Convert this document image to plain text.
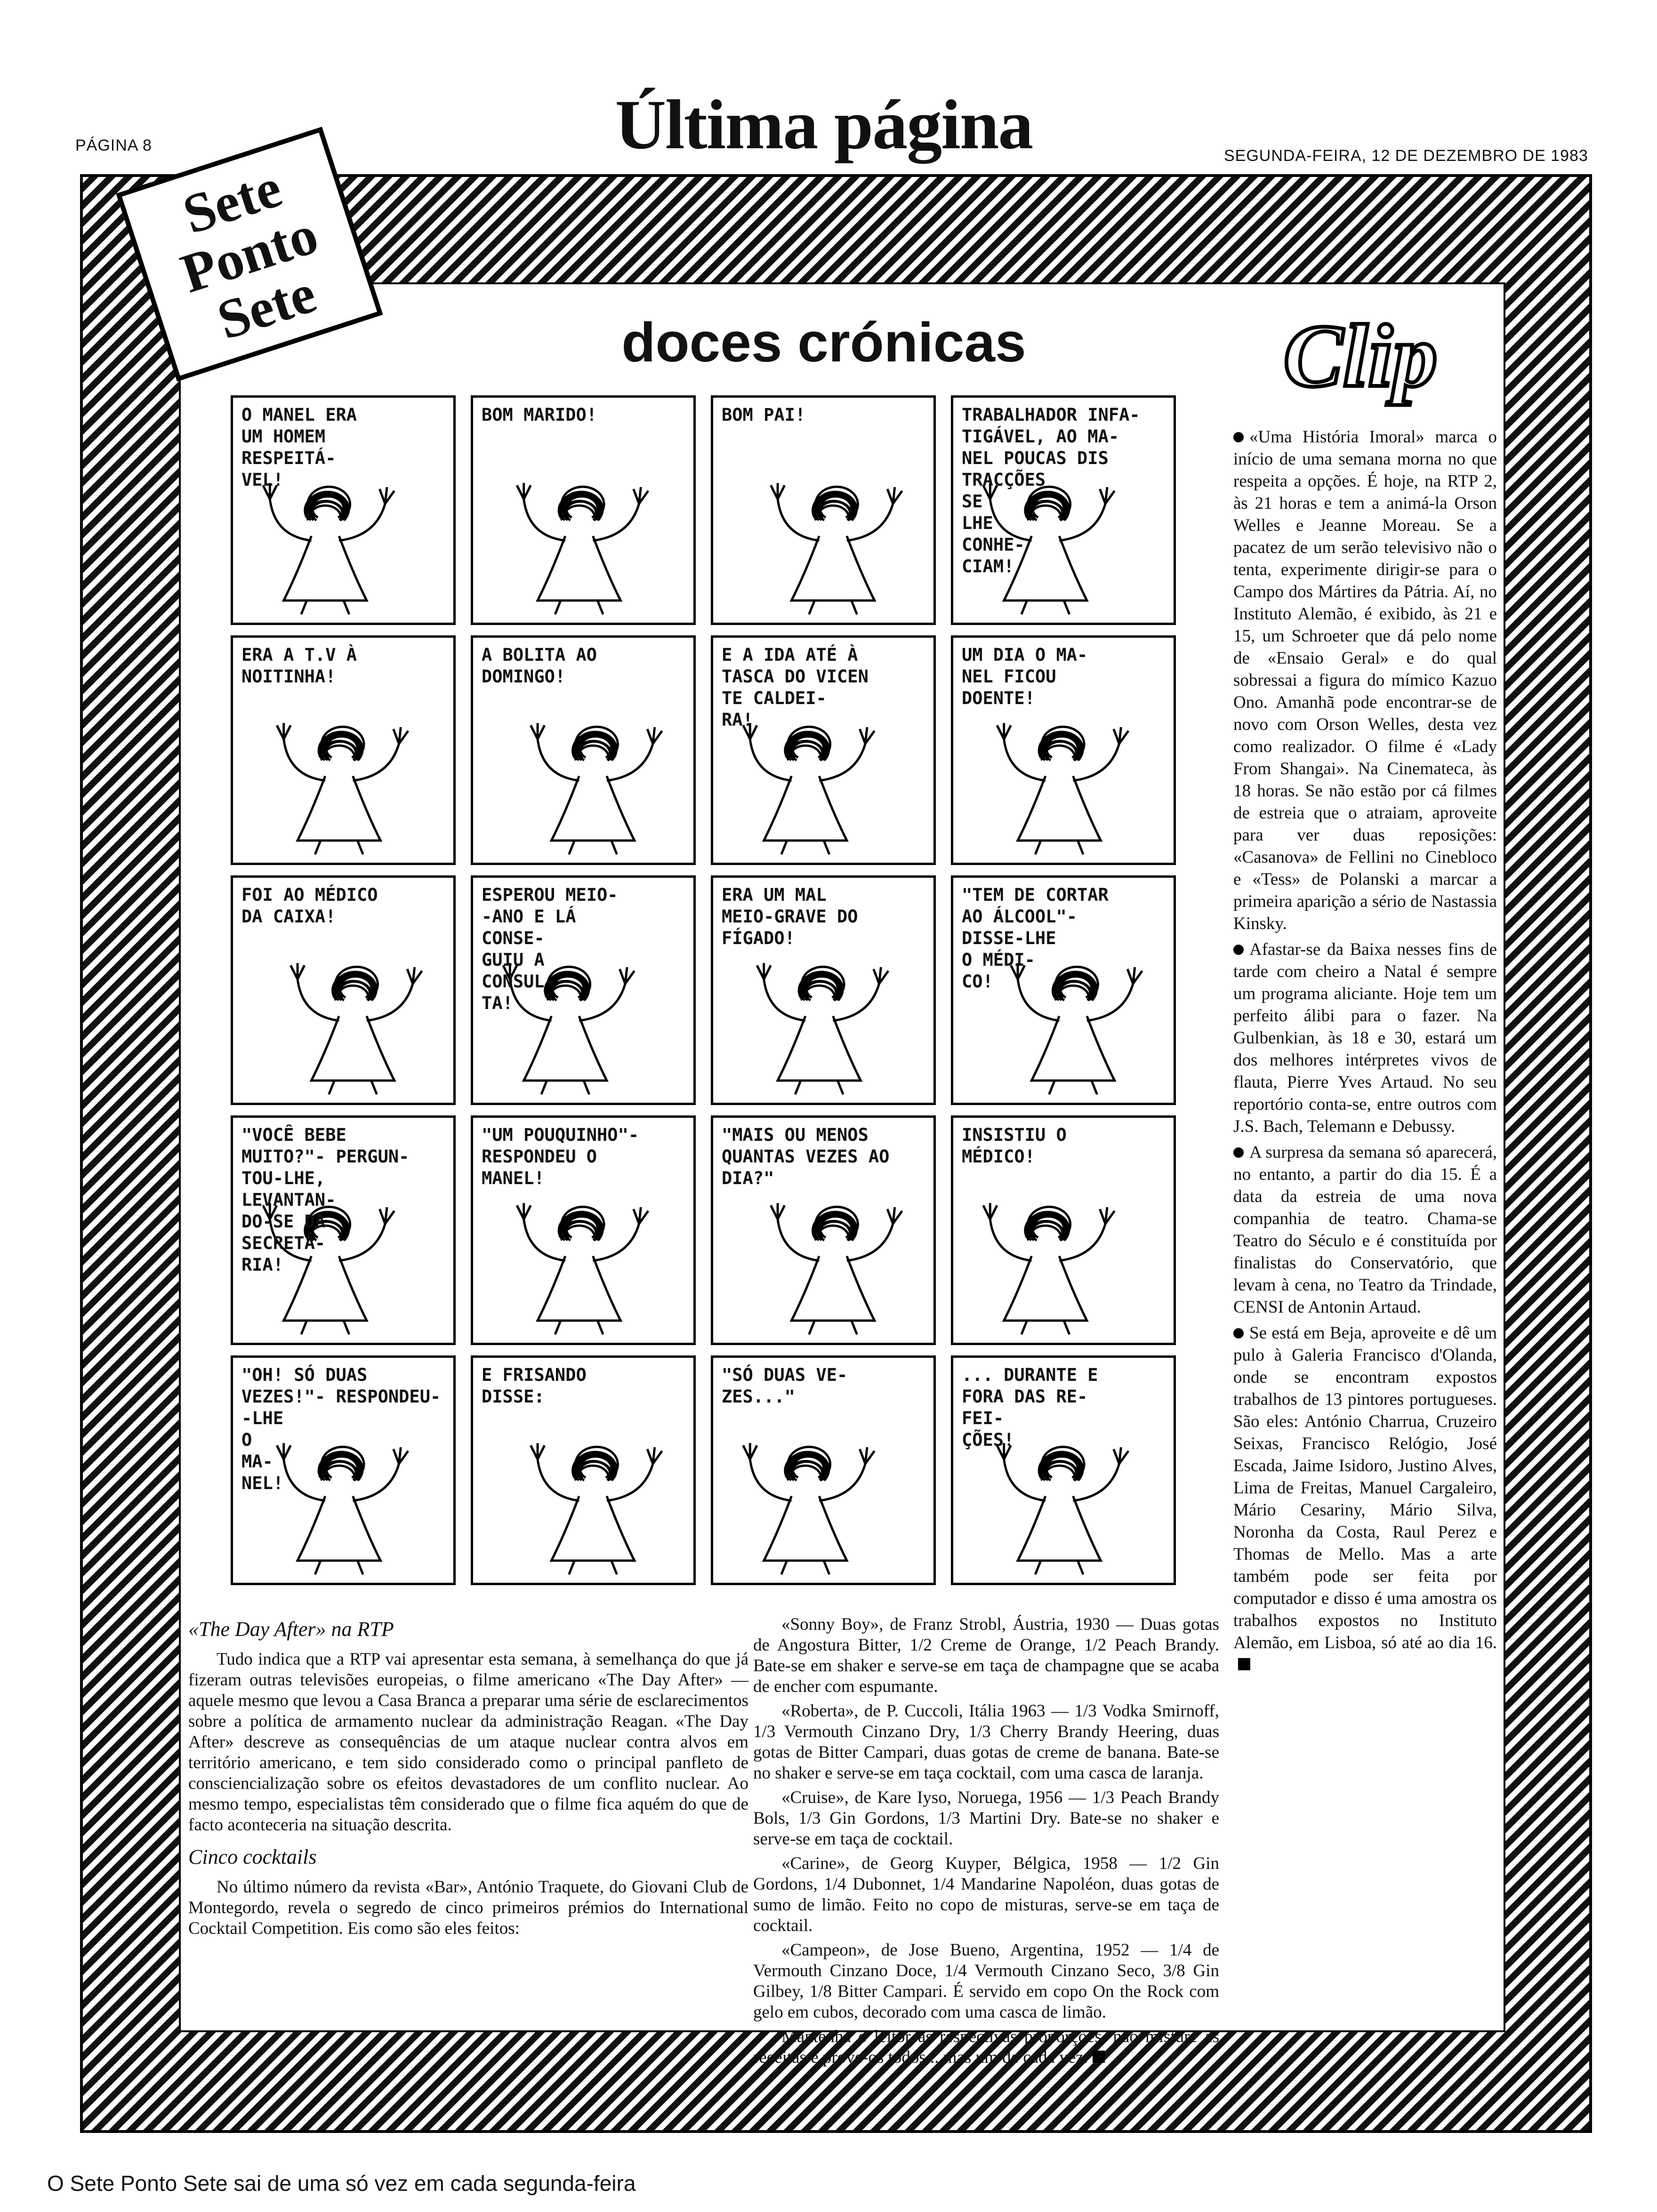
PÁGINA 8	Última página	SEGUNDA-FEIRA, 12 DE DEZEMBRO DE 1983
Sete
Ponto
Sete	doces crónicas
O MANEL ERA
UM HOMEM
RESPEITÁ-
VEL!
BOM MARIDO!	BOM PAI!	TRABALHADOR INFA-
TIGÁVEL, AO MA-
NEL POUCAS DIS
TRACÇÕES
SE
LHE
CONHE-
CIAM!
ERA A T.V À
NOITINHA!
A BOLITA AO
DOMINGO!
E A IDA ATÉ À
TASCA DO VICEN
TE CALDEI-
RA!
UM DIA O MA-
NEL FICOU
DOENTE!
FOI AO MÉDICO
DA CAIXA!
ESPEROU MEIO-
-ANO E LÁ
CONSE-
GUIU A
CONSUL-
TA!
ERA UM MAL
MEIO-GRAVE DO
FÍGADO!
"TEM DE CORTAR
AO ÁLCOOL"-
DISSE-LHE
O MÉDI-
CO!
"VOCÊ BEBE
MUITO?"- PERGUN-
TOU-LHE,
LEVANTAN-
DO-SE DA
SECRETÁ-
RIA!
"UM POUQUINHO"-
RESPONDEU O
MANEL!
"MAIS OU MENOS
QUANTAS VEZES AO
DIA?"
INSISTIU O
MÉDICO!
"OH! SÓ DUAS
VEZES!"- RESPONDEU-
-LHE
O
MA-
NEL!
E FRISANDO
DISSE:
"SÓ DUAS VE-
ZES..."
... DURANTE E
FORA DAS RE-
FEI-
ÇÕES!
Clip

«Uma História Imoral» marca o início de uma semana morna no que respeita a opções. É hoje, na RTP 2, às 21 horas e tem a animá-la Orson Welles e Jeanne Moreau. Se a pacatez de um serão televisivo não o tenta, experimente dirigir-se para o Campo dos Mártires da Pátria. Aí, no Instituto Alemão, é exibido, às 21 e 15, um Schroeter que dá pelo nome de «Ensaio Geral» e do qual sobressai a figura do mímico Kazuo Ono. Amanhã pode encontrar-se de novo com Orson Welles, desta vez como realizador. O filme é «Lady From Shangai». Na Cinemateca, às 18 horas. Se não estão por cá filmes de estreia que o atraiam, aproveite para ver duas reposições: «Casanova» de Fellini no Cinebloco e «Tess» de Polanski a marcar a primeira aparição a sério de Nastassia Kinsky.

Afastar-se da Baixa nesses fins de tarde com cheiro a Natal é sempre um programa aliciante. Hoje tem um perfeito álibi para o fazer. Na Gulbenkian, às 18 e 30, estará um dos melhores intérpretes vivos de flauta, Pierre Yves Artaud. No seu reportório conta-se, entre outros com J.S. Bach, Telemann e Debussy.

A surpresa da semana só aparecerá, no entanto, a partir do dia 15. É a data da estreia de uma nova companhia de teatro. Chama-se Teatro do Século e é constituída por finalistas do Conservatório, que levam à cena, no Teatro da Trindade, CENSI de Antonin Artaud.

Se está em Beja, aproveite e dê um pulo à Galeria Francisco d'Olanda, onde se encontram expostos trabalhos de 13 pintores portugueses. São eles: António Charrua, Cruzeiro Seixas, Francisco Relógio, José Escada, Jaime Isidoro, Justino Alves, Lima de Freitas, Manuel Cargaleiro, Mário Cesariny, Mário Silva, Noronha da Costa, Raul Perez e Thomas de Mello. Mas a arte também pode ser feita por computador e disso é uma amostra os trabalhos expostos no Instituto Alemão, em Lisboa, só até ao dia 16.

«The Day After» na RTP

Tudo indica que a RTP vai apresentar esta semana, à semelhança do que já fizeram outras televisões europeias, o filme americano «The Day After» — aquele mesmo que levou a Casa Branca a preparar uma série de esclarecimentos sobre a política de armamento nuclear da administração Reagan. «The Day After» descreve as consequências de um ataque nuclear contra alvos em território americano, e tem sido considerado como o principal panfleto de consciencialização sobre os efeitos devastadores de um conflito nuclear. Ao mesmo tempo, especialistas têm considerado que o filme fica aquém do que de facto aconteceria na situação descrita.

Cinco cocktails

No último número da revista «Bar», António Traquete, do Giovani Club de Montegordo, revela o segredo de cinco primeiros prémios do International Cocktail Competition. Eis como são eles feitos:

«Sonny Boy», de Franz Strobl, Áustria, 1930 — Duas gotas de Angostura Bitter, 1/2 Creme de Orange, 1/2 Peach Brandy. Bate-se em shaker e serve-se em taça de champagne que se acaba de encher com espumante.

«Roberta», de P. Cuccoli, Itália 1963 — 1/3 Vodka Smirnoff, 1/3 Vermouth Cinzano Dry, 1/3 Cherry Brandy Heering, duas gotas de Bitter Campari, duas gotas de creme de banana. Bate-se no shaker e serve-se em taça cocktail, com uma casca de laranja.

«Cruise», de Kare Iyso, Noruega, 1956 — 1/3 Peach Brandy Bols, 1/3 Gin Gordons, 1/3 Martini Dry. Bate-se no shaker e serve-se em taça de cocktail.

«Carine», de Georg Kuyper, Bélgica, 1958 — 1/2 Gin Gordons, 1/4 Dubonnet, 1/4 Mandarine Napoléon, duas gotas de sumo de limão. Feito no copo de misturas, serve-se em taça de cocktail.

«Campeon», de Jose Bueno, Argentina, 1952 — 1/4 de Vermouth Cinzano Doce, 1/4 Vermouth Cinzano Seco, 3/8 Gin Gilbey, 1/8 Bitter Campari. É servido em copo On the Rock com gelo em cubos, decorado com uma casca de limão.

Mantenha o leitor as respectivas proporções, não misture as receitas e prove-os todos... mas um de cada vez.

O Sete Ponto Sete sai de uma só vez em cada segunda-feira
